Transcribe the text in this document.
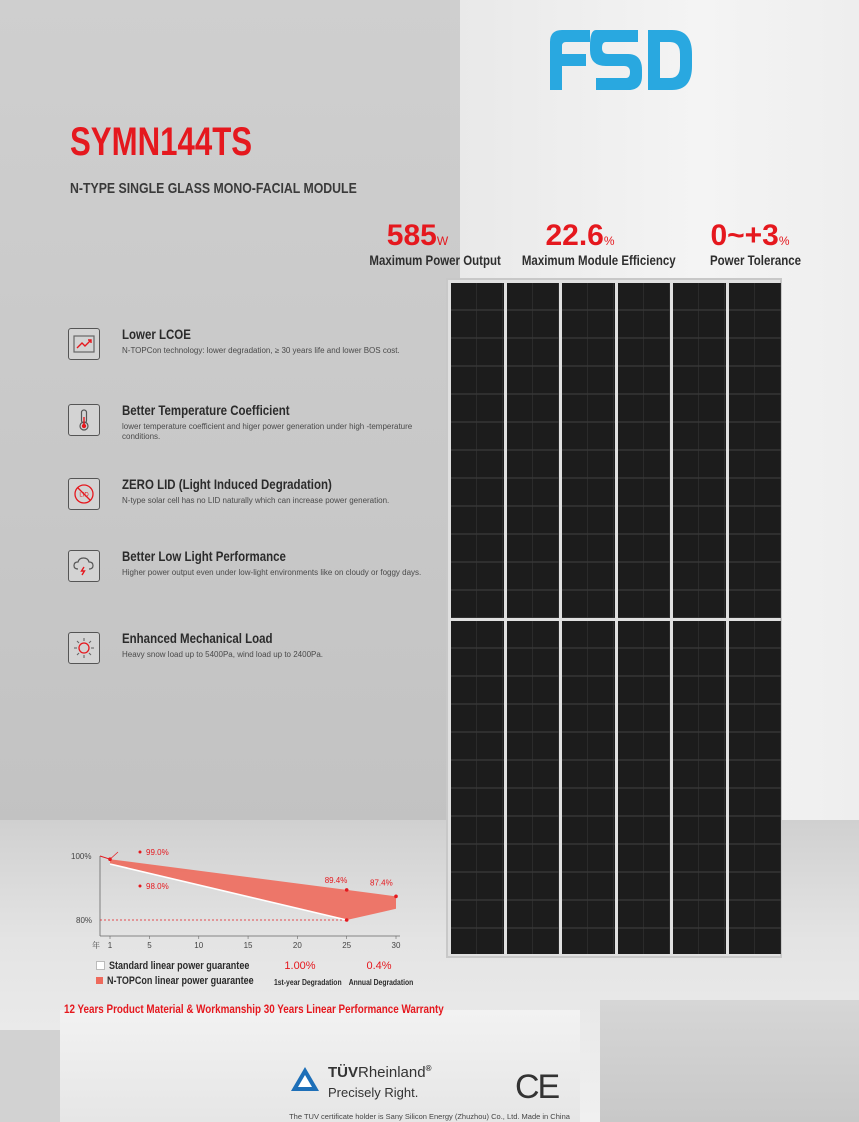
SYMN144TS
N-TYPE SINGLE GLASS MONO-FACIAL MODULE
585W
Maximum Power Output
22.6%
Maximum Module Efficiency
0~+3%
Power Tolerance
Lower LCOE
N-TOPCon technology: lower degradation, ≥ 30 years life and lower BOS cost.
Better Temperature Coefficient
lower temperature coefficient and higer power generation under high -temperature conditions.
LID
ZERO LID (Light Induced Degradation)
N-type solar cell has no LID naturally which can increase power generation.
Better Low Light Performance
Higher power output even under low-light environments like on cloudy or foggy days.
Enhanced Mechanical Load
Heavy snow load up to 5400Pa, wind load up to 2400Pa.
100%
80%
99.0%
98.0%
89.4%	87.4%
年 1	5	10	15	20	25	30
Standard linear power guarantee
N-TOPCon linear power guarantee
1.00%
1st-year Degradation
0.4%
Annual Degradation
12 Years Product Material & Workmanship 30 Years Linear Performance Warranty
TÜVRheinland®
Precisely Right.	CE
The TUV certificate holder is Sany Silicon Energy (Zhuzhou) Co., Ltd. Made in China
